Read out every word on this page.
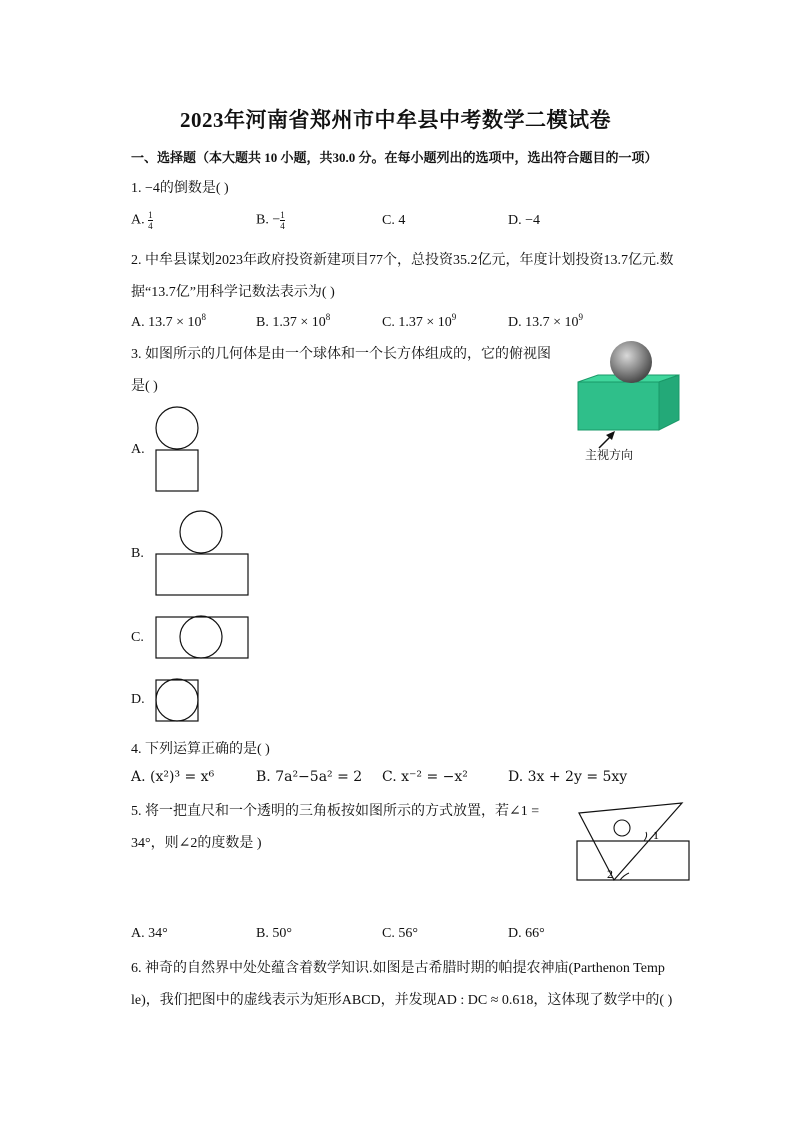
2023年河南省郑州市中牟县中考数学二模试卷
一、选择题（本大题共 10 小题，共30.0 分。在每小题列出的选项中，选出符合题目的一项）
1. −4的倒数是( )
A. $\frac{1}{4}$	B. − $\frac{1}{4}$	C. 4	D. −4
2. 中牟县谋划2023年政府投资新建项目77个，总投资35.2亿元，年度计划投资13.7亿元.数
据“13.7亿”用科学记数法表示为( )
A. $13.7 \times 10^8$	B. $1.37 \times 10^8$	C. $1.37 \times 10^9$	D. $13.7 \times 10^9$
3. 如图所示的几何体是由一个球体和一个长方体组成的，它的俯视图
是( )
主视方向
A.
B.
C.
D.
4. 下列运算正确的是( )
A. (x²)³ = x⁶	B. 7a²−5a² = 2 C. x⁻² = −x²	D. 3x + 2y = 5xy
5. 将一把直尺和一个透明的三角板按如图所示的方式放置，若∠1 =
34°，则∠2的度数是 )
1
2
A. 34°	B. 50°	C. 56°	D. 66°
6. 神奇的自然界中处处蕴含着数学知识.如图是古希腊时期的帕提农神庙(Parthenon Temp
le)，我们把图中的虚线表示为矩形ABCD，并发现AD : DC ≈ 0.618，这体现了数学中的( )
